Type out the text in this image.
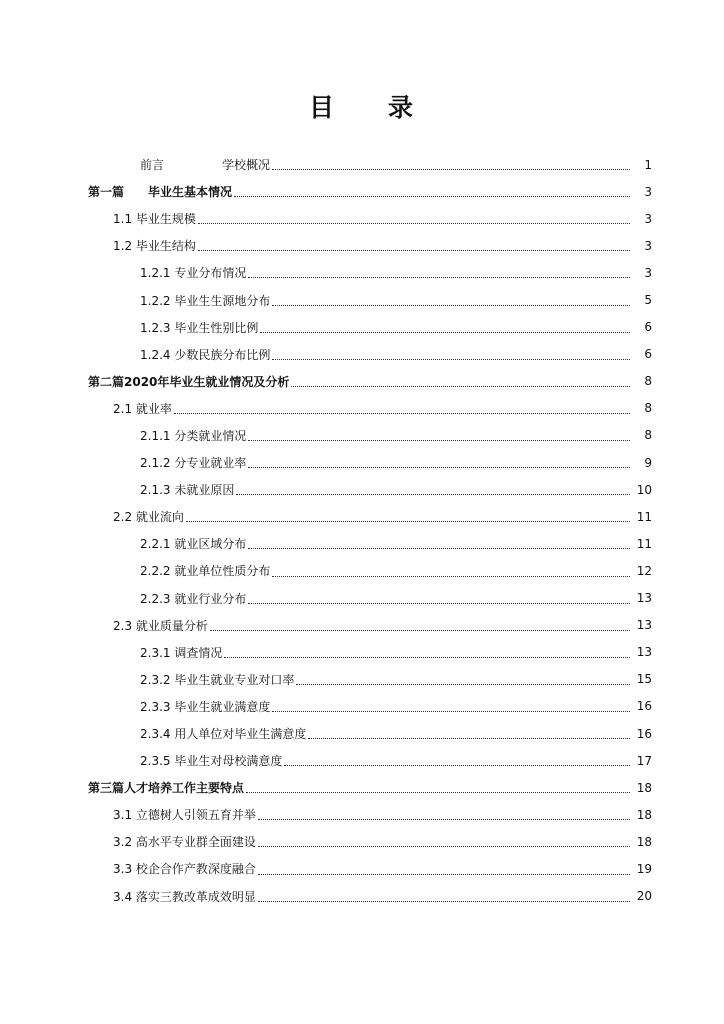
目 录
前言	学校概况	1
第一篇　　毕业生基本情况	3
1.1 毕业生规模	3
1.2 毕业生结构	3
1.2.1 专业分布情况	3
1.2.2 毕业生生源地分布	5
1.2.3 毕业生性别比例	6
1.2.4 少数民族分布比例	6
第二篇2020年毕业生就业情况及分析	8
2.1 就业率	8
2.1.1 分类就业情况	8
2.1.2 分专业就业率	9
2.1.3 未就业原因	10
2.2 就业流向	11
2.2.1 就业区域分布	11
2.2.2 就业单位性质分布	12
2.2.3 就业行业分布	13
2.3 就业质量分析	13
2.3.1 调查情况	13
2.3.2 毕业生就业专业对口率	15
2.3.3 毕业生就业满意度	16
2.3.4 用人单位对毕业生满意度	16
2.3.5 毕业生对母校满意度	17
第三篇人才培养工作主要特点	18
3.1 立德树人引领五育并举	18
3.2 高水平专业群全面建设	18
3.3 校企合作产教深度融合	19
3.4 落实三教改革成效明显	20
